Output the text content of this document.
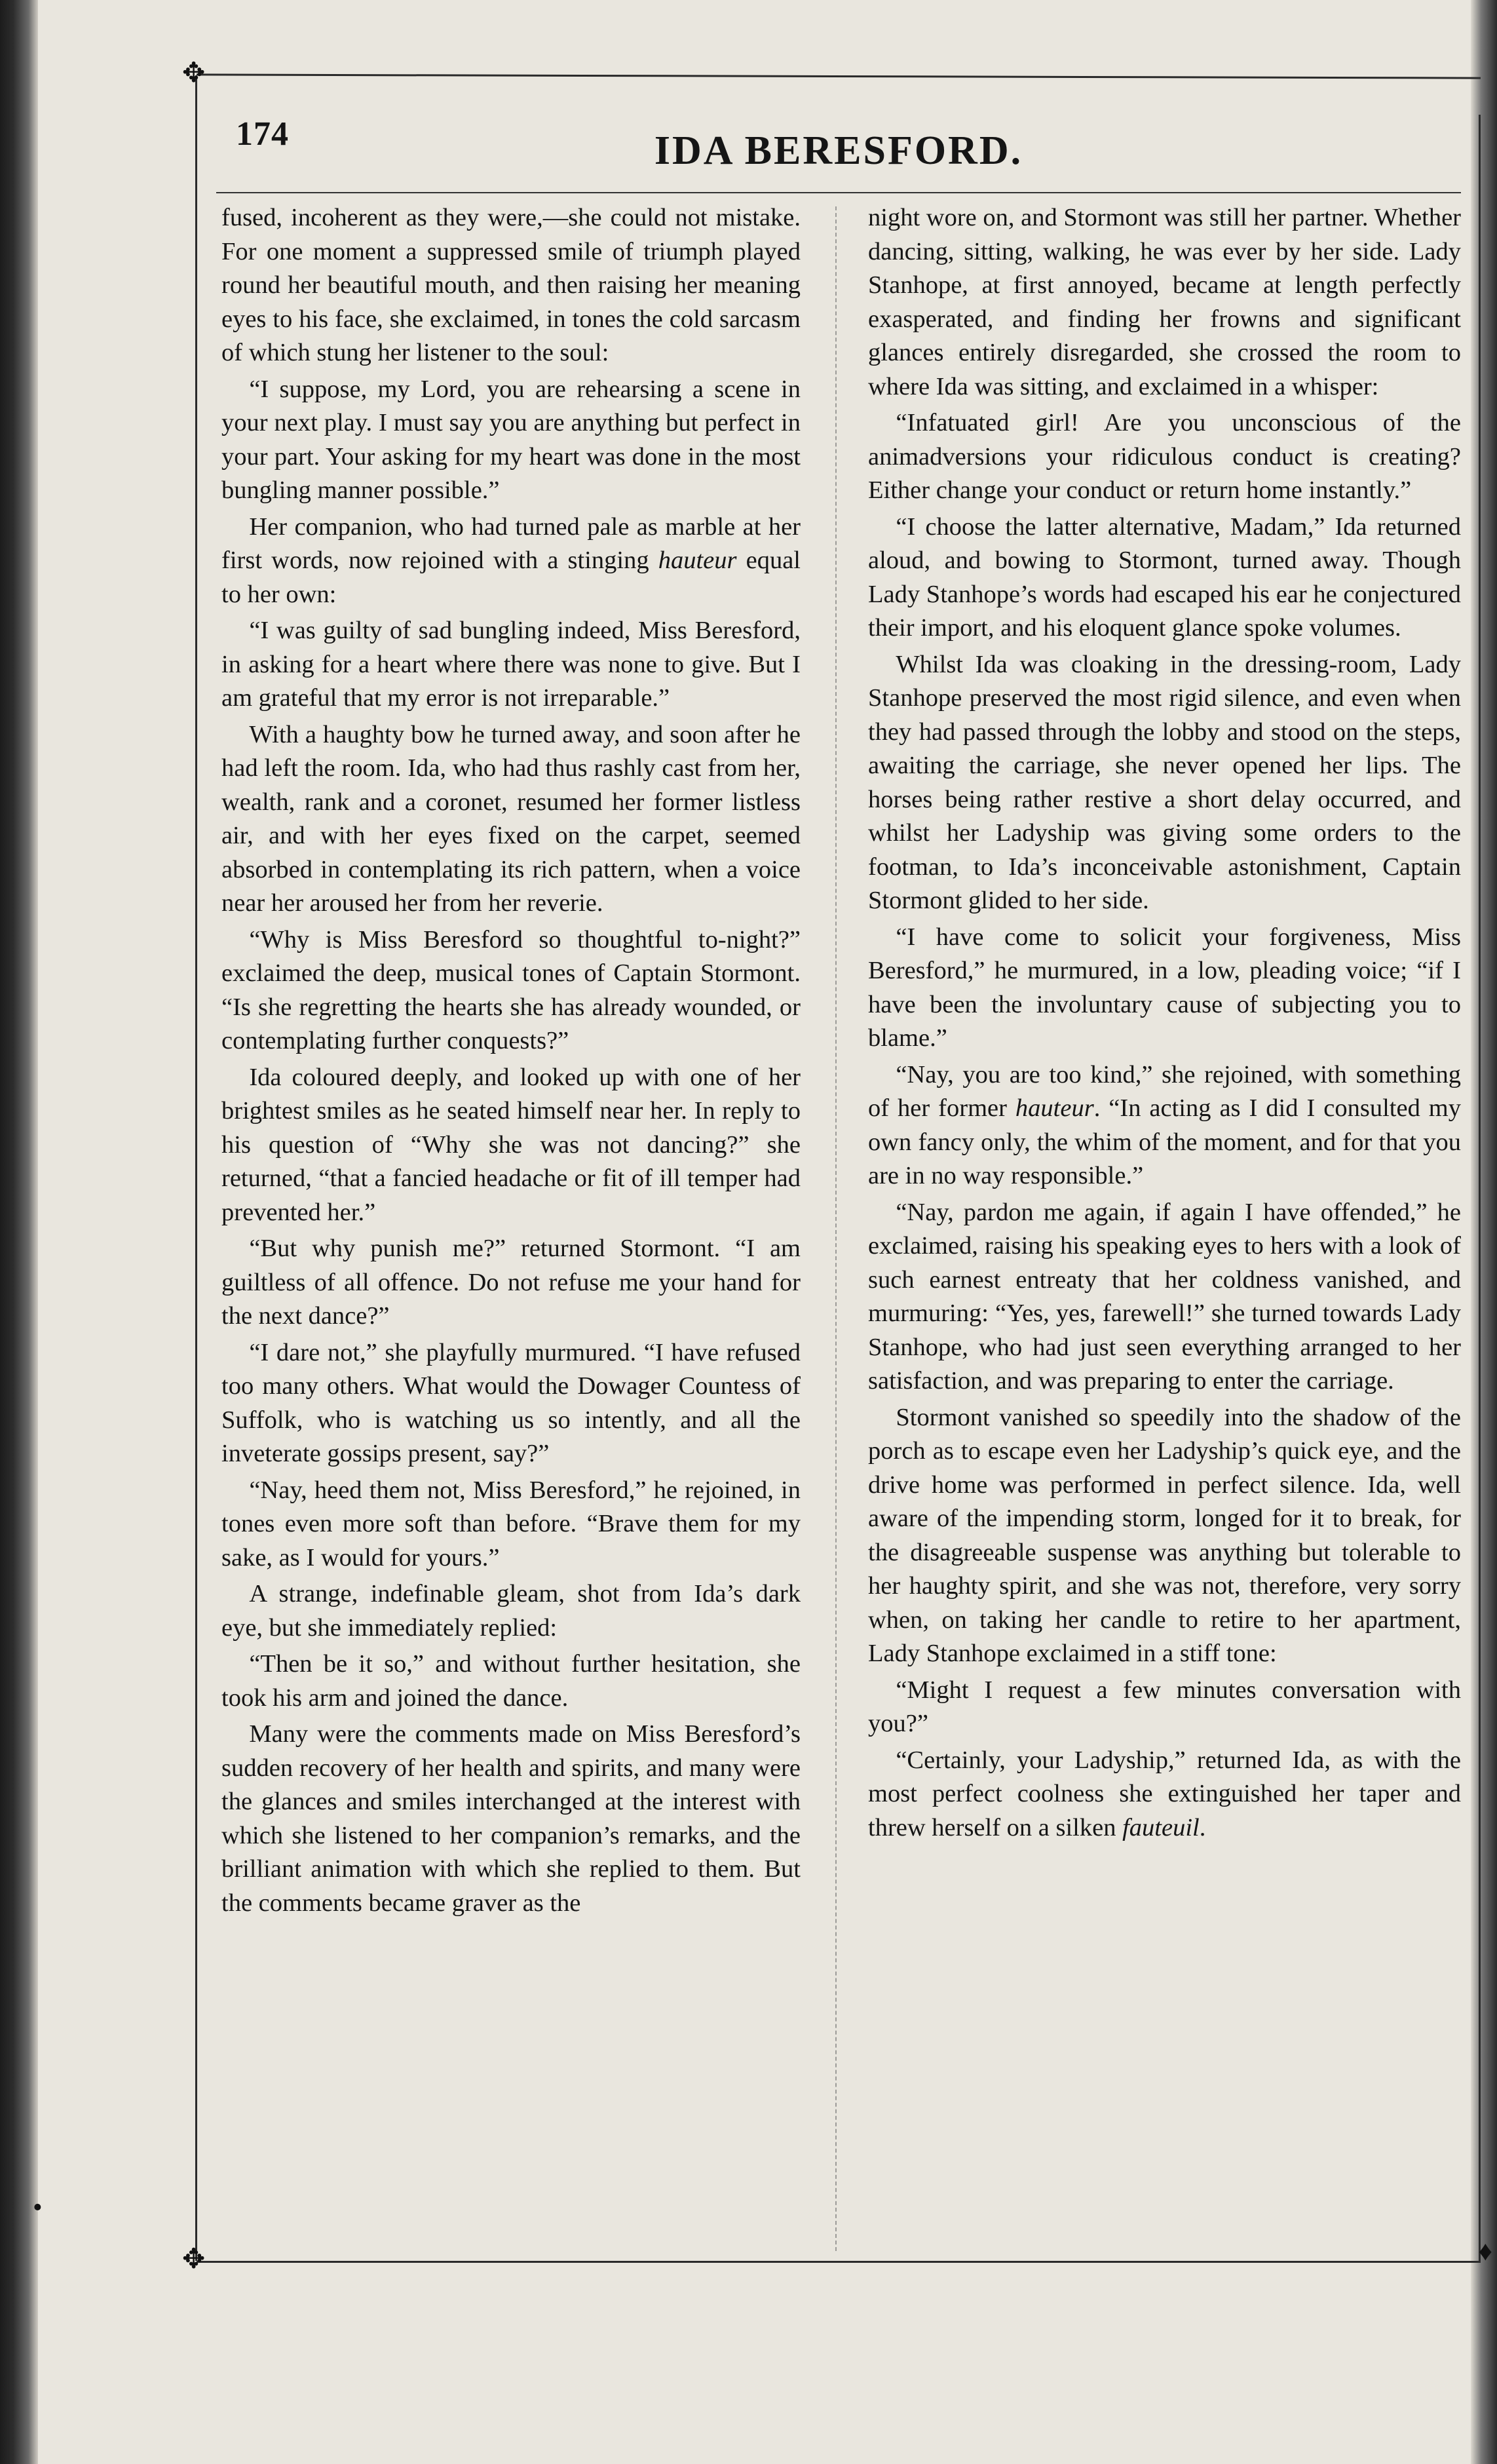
✥
✥	♦
174	IDA BERESFORD.

fused, incoherent as they were,—she could not mistake. For one moment a suppressed smile of triumph played round her beautiful mouth, and then raising her meaning eyes to his face, she exclaimed, in tones the cold sarcasm of which stung her listener to the soul:

“I suppose, my Lord, you are rehearsing a scene in your next play. I must say you are anything but perfect in your part. Your asking for my heart was done in the most bungling manner possible.”

Her companion, who had turned pale as marble at her first words, now rejoined with a stinging hauteur equal to her own:

“I was guilty of sad bungling indeed, Miss Beresford, in asking for a heart where there was none to give. But I am grateful that my error is not irreparable.”

With a haughty bow he turned away, and soon after he had left the room. Ida, who had thus rashly cast from her, wealth, rank and a coronet, resumed her former listless air, and with her eyes fixed on the carpet, seemed absorbed in contemplating its rich pattern, when a voice near her aroused her from her reverie.

“Why is Miss Beresford so thoughtful to-night?” exclaimed the deep, musical tones of Captain Stormont. “Is she regretting the hearts she has already wounded, or contemplating further conquests?”

Ida coloured deeply, and looked up with one of her brightest smiles as he seated himself near her. In reply to his question of “Why she was not dancing?” she returned, “that a fancied headache or fit of ill temper had prevented her.”

“But why punish me?” returned Stormont. “I am guiltless of all offence. Do not refuse me your hand for the next dance?”

“I dare not,” she playfully murmured. “I have refused too many others. What would the Dowager Countess of Suffolk, who is watching us so intently, and all the inveterate gossips present, say?”

“Nay, heed them not, Miss Beresford,” he rejoined, in tones even more soft than before. “Brave them for my sake, as I would for yours.”

A strange, indefinable gleam, shot from Ida’s dark eye, but she immediately replied:

“Then be it so,” and without further hesitation, she took his arm and joined the dance.

Many were the comments made on Miss Beresford’s sudden recovery of her health and spirits, and many were the glances and smiles interchanged at the interest with which she listened to her companion’s remarks, and the brilliant animation with which she replied to them. But the comments became graver as the

night wore on, and Stormont was still her partner. Whether dancing, sitting, walking, he was ever by her side. Lady Stanhope, at first annoyed, became at length perfectly exasperated, and finding her frowns and significant glances entirely disregarded, she crossed the room to where Ida was sitting, and exclaimed in a whisper:

“Infatuated girl! Are you unconscious of the animadversions your ridiculous conduct is creating? Either change your conduct or return home instantly.”

“I choose the latter alternative, Madam,” Ida returned aloud, and bowing to Stormont, turned away. Though Lady Stanhope’s words had escaped his ear he conjectured their import, and his eloquent glance spoke volumes.

Whilst Ida was cloaking in the dressing-room, Lady Stanhope preserved the most rigid silence, and even when they had passed through the lobby and stood on the steps, awaiting the carriage, she never opened her lips. The horses being rather restive a short delay occurred, and whilst her Ladyship was giving some orders to the footman, to Ida’s inconceivable astonishment, Captain Stormont glided to her side.

“I have come to solicit your forgiveness, Miss Beresford,” he murmured, in a low, pleading voice; “if I have been the involuntary cause of subjecting you to blame.”

“Nay, you are too kind,” she rejoined, with something of her former hauteur. “In acting as I did I consulted my own fancy only, the whim of the moment, and for that you are in no way responsible.”

“Nay, pardon me again, if again I have offended,” he exclaimed, raising his speaking eyes to hers with a look of such earnest entreaty that her coldness vanished, and murmuring: “Yes, yes, farewell!” she turned towards Lady Stanhope, who had just seen everything arranged to her satisfaction, and was preparing to enter the carriage.

Stormont vanished so speedily into the shadow of the porch as to escape even her Ladyship’s quick eye, and the drive home was performed in perfect silence. Ida, well aware of the impending storm, longed for it to break, for the disagreeable suspense was anything but tolerable to her haughty spirit, and she was not, therefore, very sorry when, on taking her candle to retire to her apartment, Lady Stanhope exclaimed in a stiff tone:

“Might I request a few minutes conversation with you?”

“Certainly, your Ladyship,” returned Ida, as with the most perfect coolness she extinguished her taper and threw herself on a silken fauteuil.

•
